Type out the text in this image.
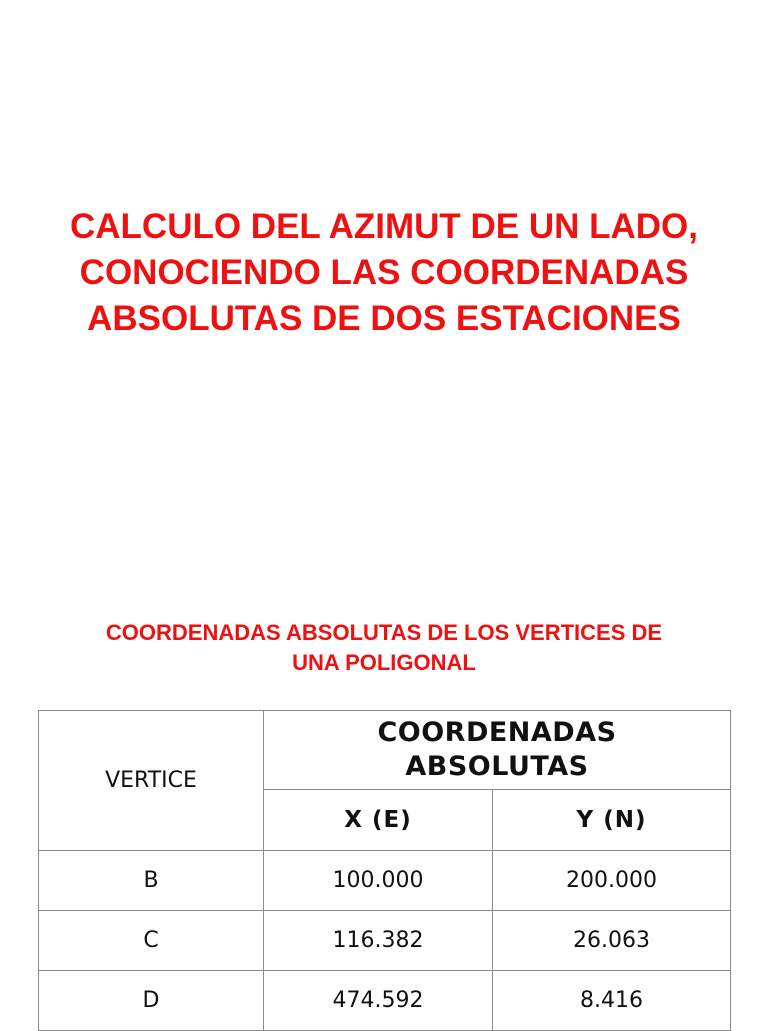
CALCULO DEL AZIMUT DE UN LADO,
CONOCIENDO LAS COORDENADAS
ABSOLUTAS DE DOS ESTACIONES
COORDENADAS ABSOLUTAS DE LOS VERTICES DE
UNA POLIGONAL
VERTICE	COORDENADAS
ABSOLUTAS	

	X (E)	Y (N)
B	100.000	200.000
C	116.382	26.063
D	474.592	8.416
